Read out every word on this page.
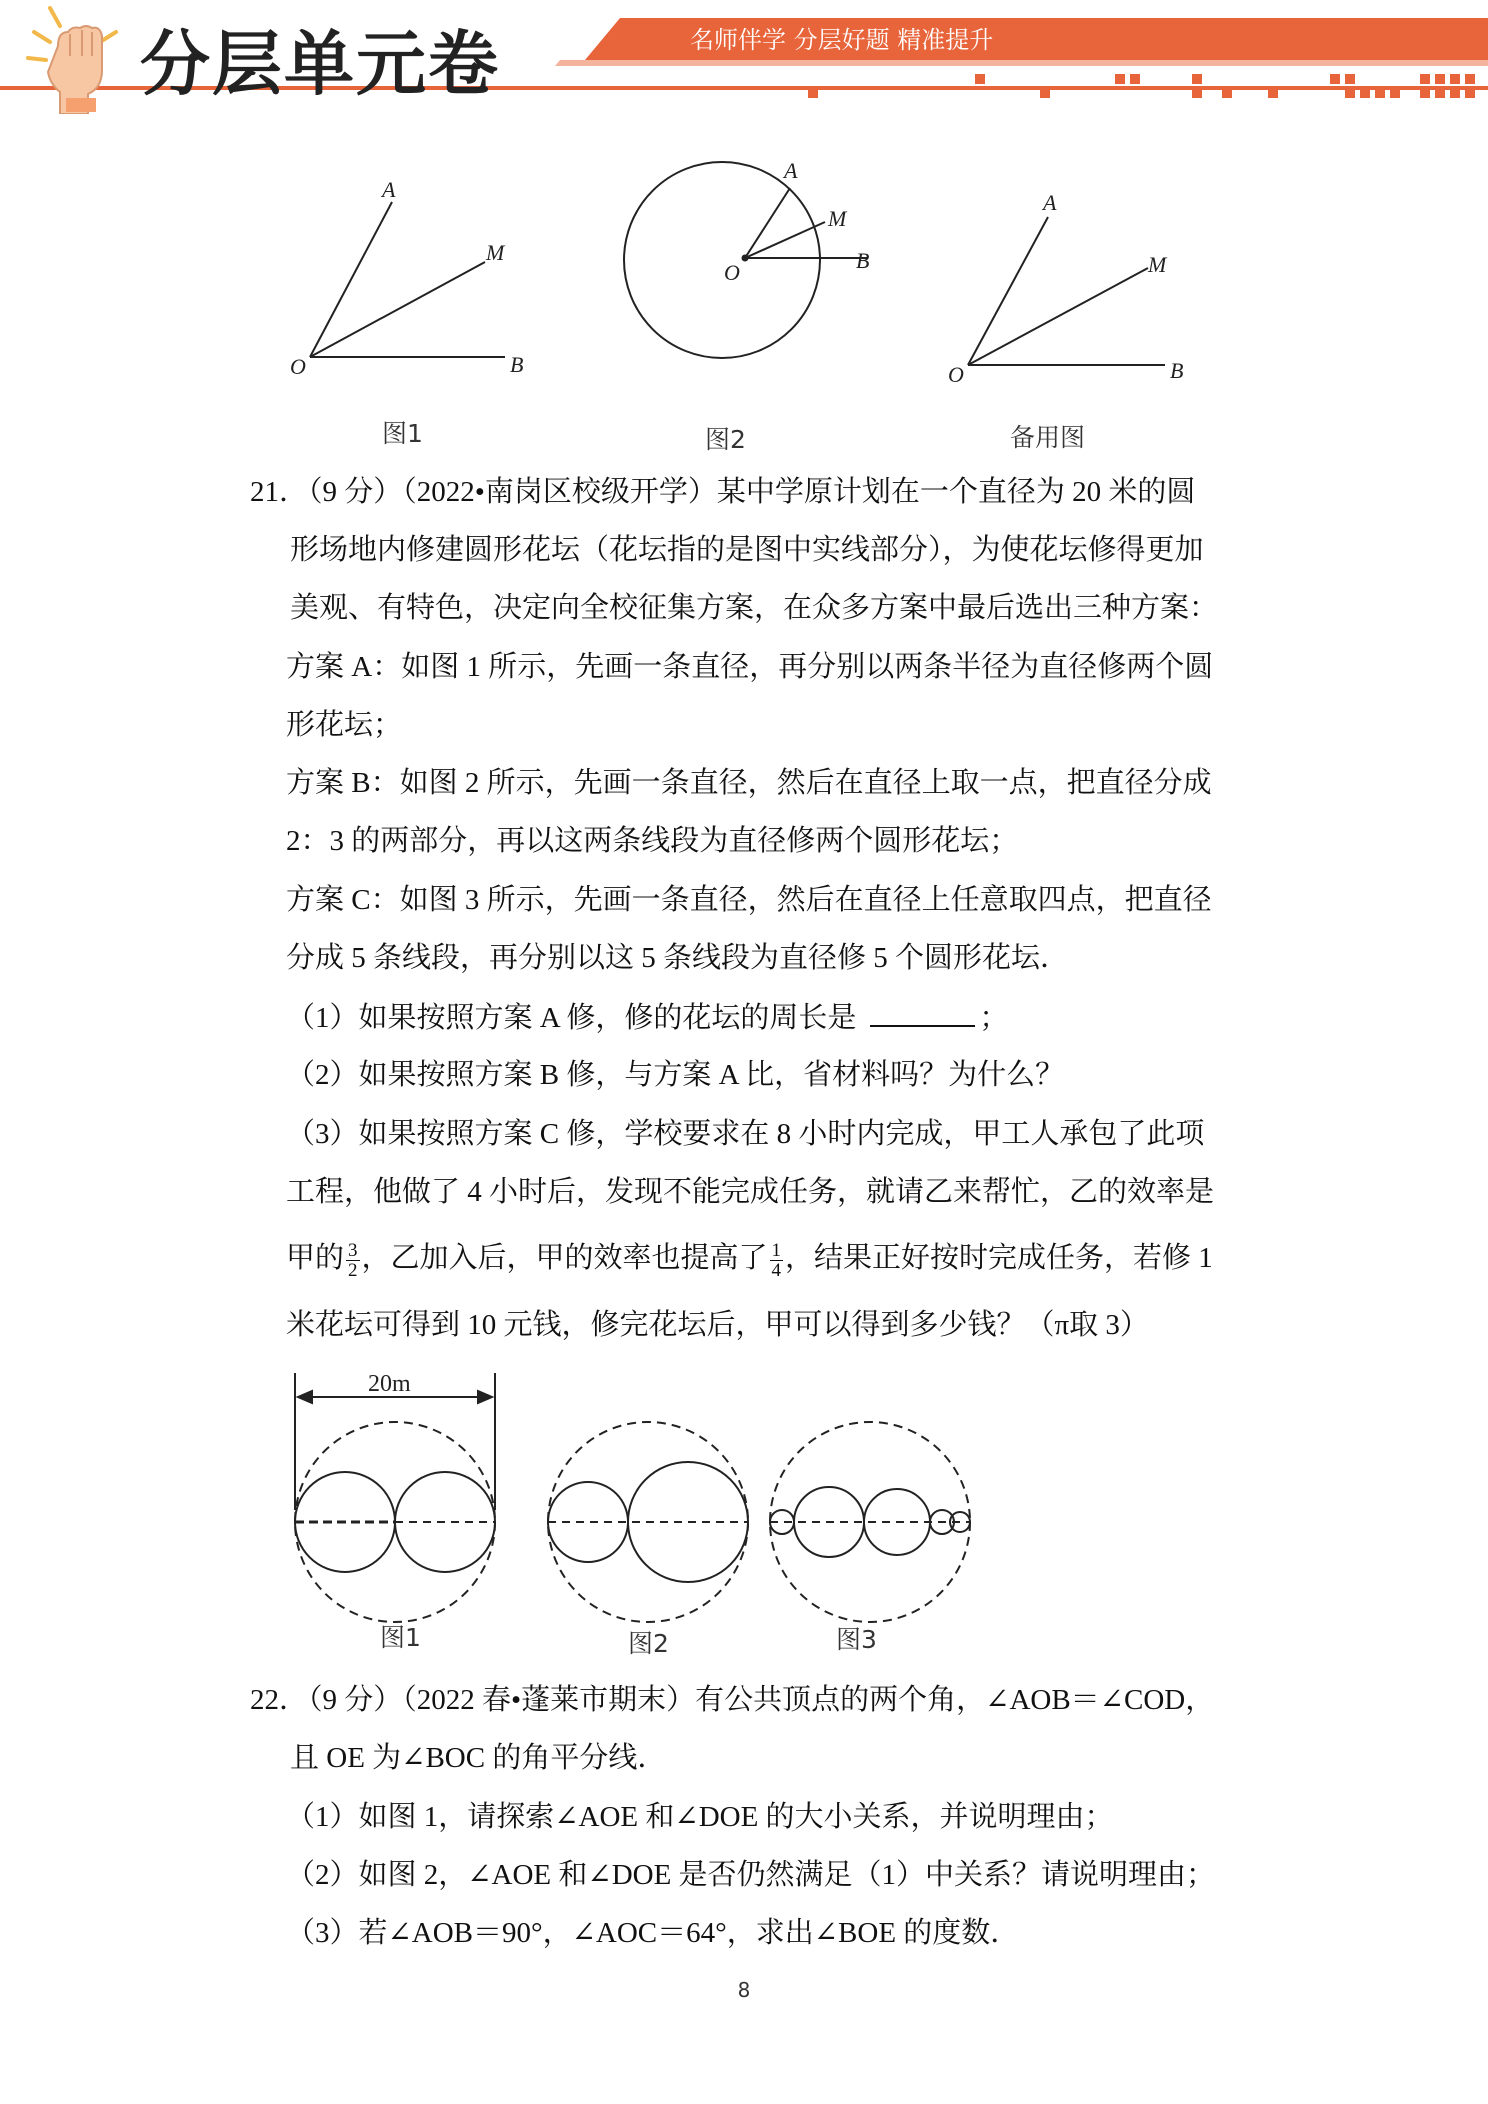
分层单元卷	名师伴学 分层好题 精准提升
A
M
O	B
A
M
O	B
A
M
O	B
图1	图2	备用图
21．（9 分）（2022•南岗区校级开学）某中学原计划在一个直径为 20 米的圆
形场地内修建圆形花坛（花坛指的是图中实线部分），为使花坛修得更加
美观、有特色，决定向全校征集方案，在众多方案中最后选出三种方案：
方案 A：如图 1 所示，先画一条直径，再分别以两条半径为直径修两个圆
形花坛；
方案 B：如图 2 所示，先画一条直径，然后在直径上取一点，把直径分成
2：3 的两部分，再以这两条线段为直径修两个圆形花坛；
方案 C：如图 3 所示，先画一条直径，然后在直径上任意取四点，把直径
分成 5 条线段，再分别以这 5 条线段为直径修 5 个圆形花坛．
（1）如果按照方案 A 修，修的花坛的周长是	；
（2）如果按照方案 B 修，与方案 A 比，省材料吗？为什么？
（3）如果按照方案 C 修，学校要求在 8 小时内完成，甲工人承包了此项
工程，他做了 4 小时后，发现不能完成任务，就请乙来帮忙，乙的效率是
甲的 $\frac{3}{2}$ ，乙加入后，甲的效率也提高了 $\frac{1}{4}$ ，结果正好按时完成任务，若修 1
米花坛可得到 10 元钱，修完花坛后，甲可以得到多少钱？（π取 3）
20m
图1	图2	图3
22．（9 分）（2022 春•蓬莱市期末）有公共顶点的两个角，∠AOB＝∠COD，
且 OE 为∠BOC 的角平分线．
（1）如图 1，请探索∠AOE 和∠DOE 的大小关系，并说明理由；
（2）如图 2，∠AOE 和∠DOE 是否仍然满足（1）中关系？请说明理由；
（3）若∠AOB＝90°，∠AOC＝64°，求出∠BOE 的度数．
8
